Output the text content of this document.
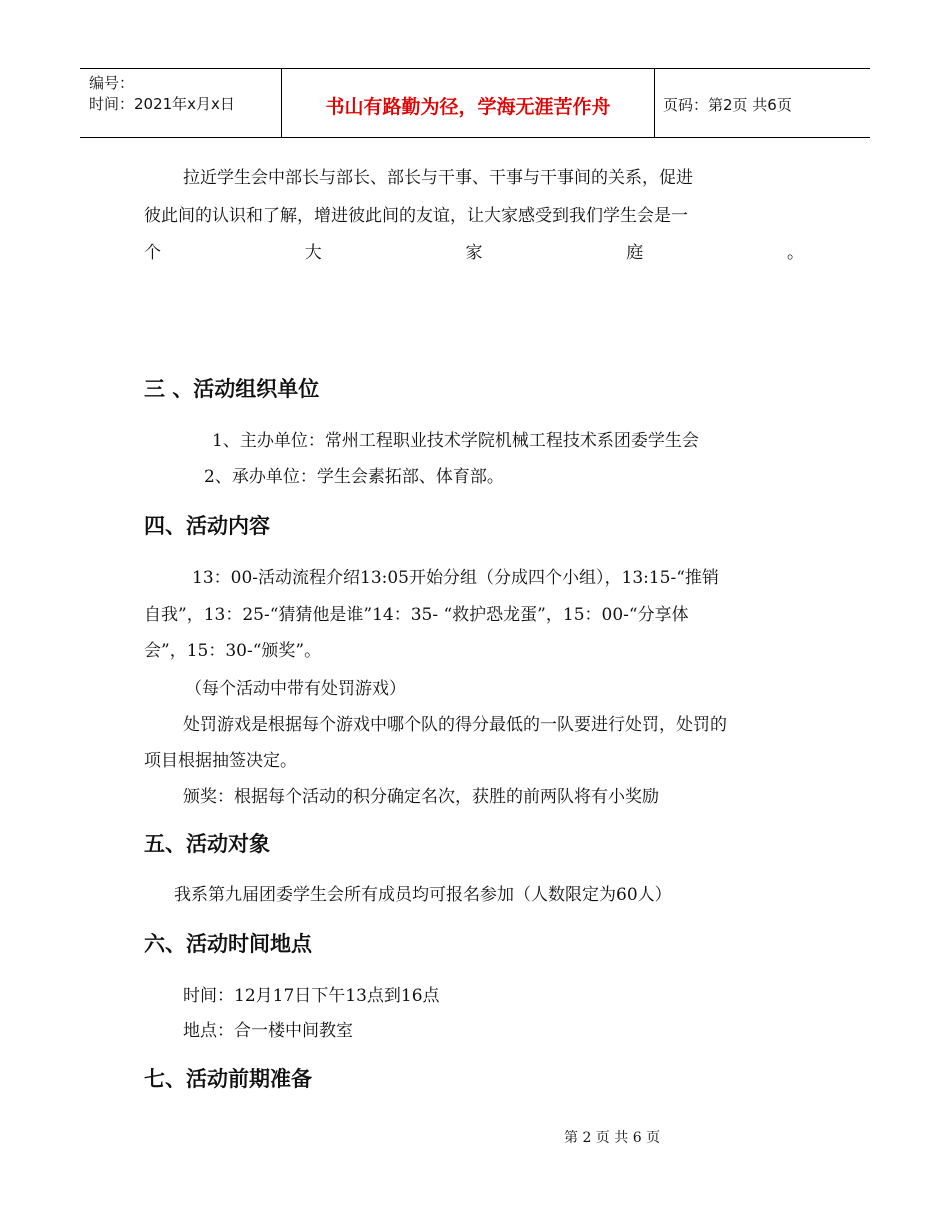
编号：
时间：2021年x月x日	书山有路勤为径，学海无涯苦作舟	页码：第2页 共6页
拉近学生会中部长与部长、部长与干事、干事与干事间的关系，促进
彼此间的认识和了解，增进彼此间的友谊，让大家感受到我们学生会是一
个	大	家	庭	。
三 、活动组织单位
1、主办单位：常州工程职业技术学院机械工程技术系团委学生会
2、承办单位：学生会素拓部、体育部。
四、活动内容
13：00-活动流程介绍13:05开始分组（分成四个小组），13:15-“推销
自我”，13：25-“猜猜他是谁”14：35- “救护恐龙蛋”，15：00-“分享体
会”，15：30-“颁奖”。
（每个活动中带有处罚游戏）
处罚游戏是根据每个游戏中哪个队的得分最低的一队要进行处罚，处罚的
项目根据抽签决定。
颁奖：根据每个活动的积分确定名次，获胜的前两队将有小奖励
五、活动对象
我系第九届团委学生会所有成员均可报名参加（人数限定为60人）
六、活动时间地点
时间：12月17日下午13点到16点
地点：合一楼中间教室
七、活动前期准备
第 2 页 共 6 页
